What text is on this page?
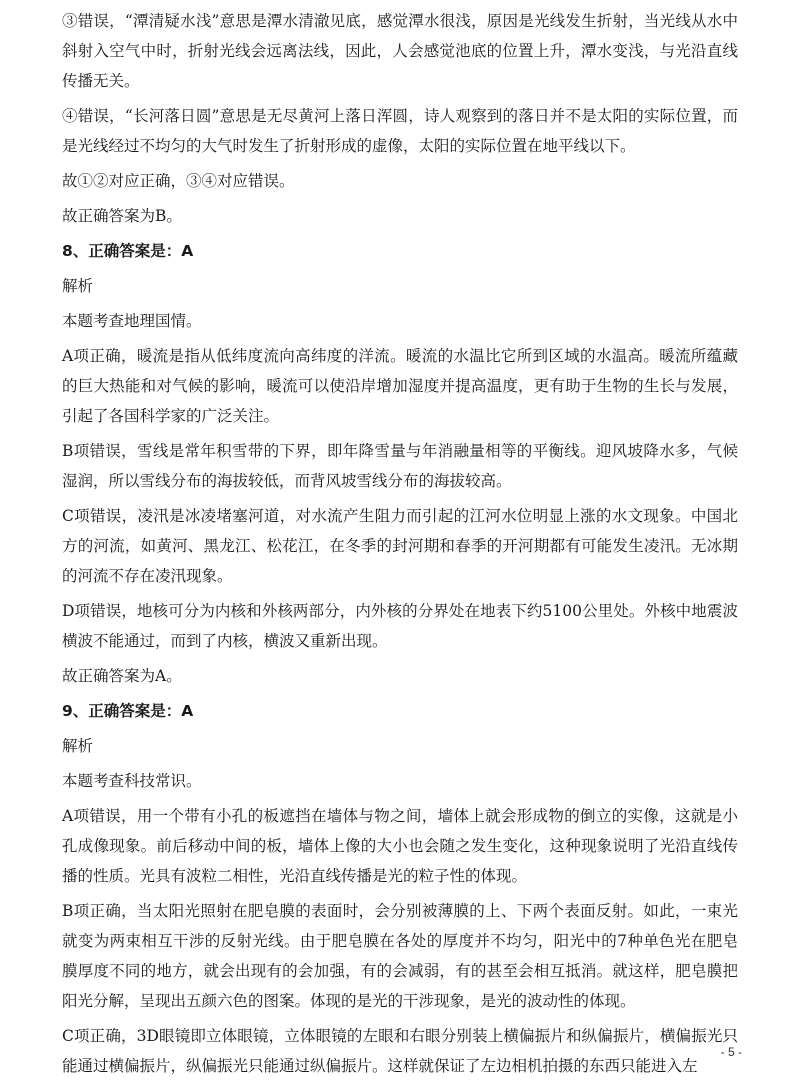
③错误，“潭清疑水浅”意思是潭水清澈见底，感觉潭水很浅，原因是光线发生折射，当光线从水中斜射入空气中时，折射光线会远离法线，因此，人会感觉池底的位置上升，潭水变浅，与光沿直线传播无关。

④错误，“长河落日圆”意思是无尽黄河上落日浑圆，诗人观察到的落日并不是太阳的实际位置，而是光线经过不均匀的大气时发生了折射形成的虚像，太阳的实际位置在地平线以下。

故①②对应正确，③④对应错误。

故正确答案为B。

8、正确答案是：A

解析

本题考查地理国情。

A项正确，暖流是指从低纬度流向高纬度的洋流。暖流的水温比它所到区域的水温高。暖流所蕴藏的巨大热能和对气候的影响，暖流可以使沿岸增加湿度并提高温度，更有助于生物的生长与发展，引起了各国科学家的广泛关注。

B项错误，雪线是常年积雪带的下界，即年降雪量与年消融量相等的平衡线。迎风坡降水多，气候湿润，所以雪线分布的海拔较低，而背风坡雪线分布的海拔较高。

C项错误，凌汛是冰凌堵塞河道，对水流产生阻力而引起的江河水位明显上涨的水文现象。中国北方的河流，如黄河、黑龙江、松花江，在冬季的封河期和春季的开河期都有可能发生凌汛。无冰期的河流不存在凌汛现象。

D项错误，地核可分为内核和外核两部分，内外核的分界处在地表下约5100公里处。外核中地震波横波不能通过，而到了内核，横波又重新出现。

故正确答案为A。

9、正确答案是：A

解析

本题考查科技常识。

A项错误，用一个带有小孔的板遮挡在墙体与物之间，墙体上就会形成物的倒立的实像，这就是小孔成像现象。前后移动中间的板，墙体上像的大小也会随之发生变化，这种现象说明了光沿直线传播的性质。光具有波粒二相性，光沿直线传播是光的粒子性的体现。

B项正确，当太阳光照射在肥皂膜的表面时，会分别被薄膜的上、下两个表面反射。如此，一束光就变为两束相互干涉的反射光线。由于肥皂膜在各处的厚度并不均匀，阳光中的7种单色光在肥皂膜厚度不同的地方，就会出现有的会加强，有的会减弱，有的甚至会相互抵消。就这样，肥皂膜把阳光分解，呈现出五颜六色的图案。体现的是光的干涉现象，是光的波动性的体现。

C项正确，3D眼镜即立体眼镜，立体眼镜的左眼和右眼分别装上横偏振片和纵偏振片，横偏振光只能通过横偏振片，纵偏振光只能通过纵偏振片。这样就保证了左边相机拍摄的东西只能进入左

- 5 -
